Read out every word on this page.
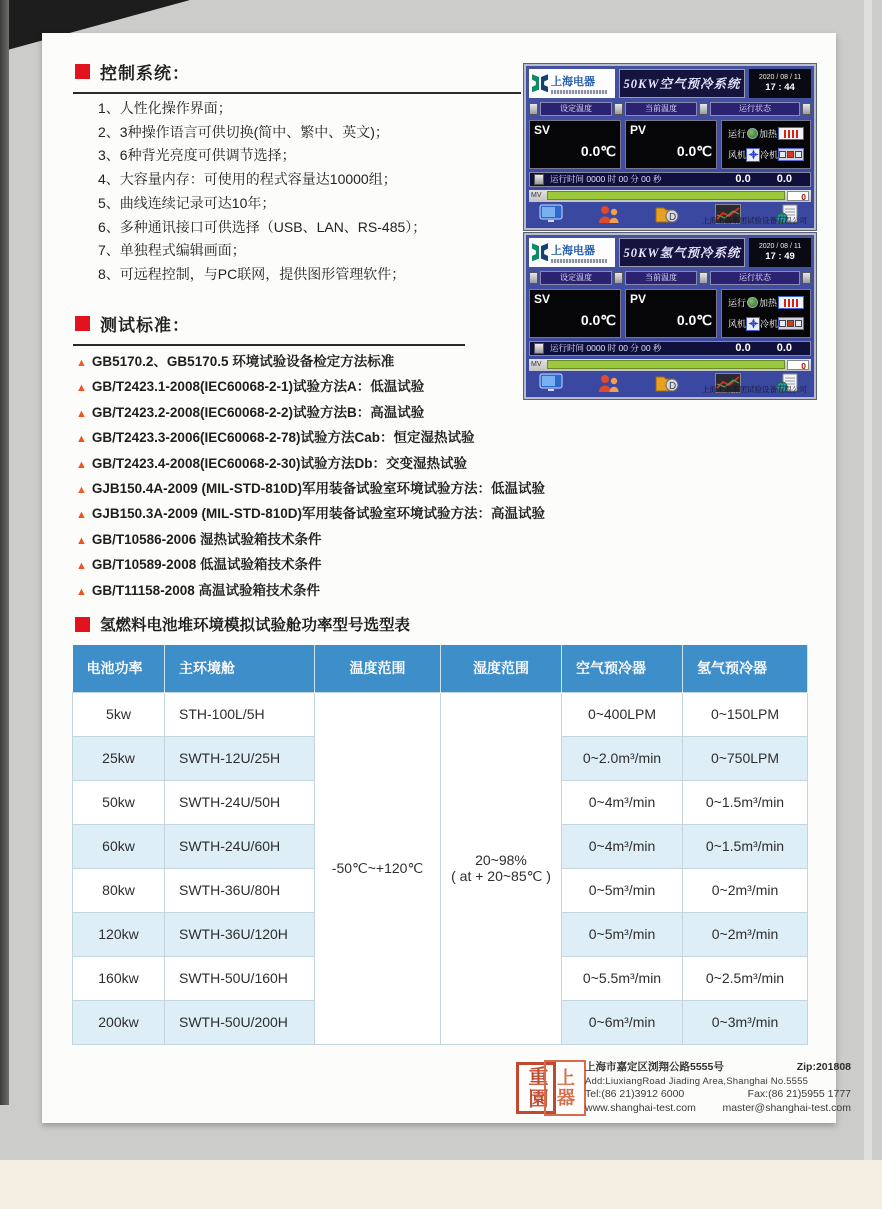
控制系统：
1、人性化操作界面；
2、3种操作语言可供切换(简中、繁中、英文)；
3、6种背光亮度可供调节选择；
4、大容量内存：可使用的程式容量达10000组；
5、曲线连续记录可达10年；
6、多种通讯接口可供选择（USB、LAN、RS-485）；
7、单独程式编辑画面；
8、可远程控制，与PC联网，提供图形管理软件；
上海电器	50KW空气预冷系统	2020 / 08 / 11
17 : 44
设定温度	当前温度	运行状态
SV
0.0℃
PV
0.0℃
运行 加热
风机 冷机
运行时间 0000 时 00 分 00 秒	0.0 0.0
MV	0
D	上海上器集团试验设备有限公司
上海电器	50KW氢气预冷系统	2020 / 08 / 11
17 : 49
设定温度	当前温度	运行状态
SV
0.0℃
PV
0.0℃
运行 加热
风机 冷机
运行时间 0000 时 00 分 00 秒	0.0 0.0
MV	0
D	上海上器集团试验设备有限公司
测试标准：
▲ GB5170.2、GB5170.5 环境试验设备检定方法标准
▲ GB/T2423.1-2008(IEC60068-2-1)试验方法A：低温试验
▲ GB/T2423.2-2008(IEC60068-2-2)试验方法B：高温试验
▲ GB/T2423.3-2006(IEC60068-2-78)试验方法Cab：恒定湿热试验
▲ GB/T2423.4-2008(IEC60068-2-30)试验方法Db：交变湿热试验
▲ GJB150.4A-2009 (MIL-STD-810D)军用装备试验室环境试验方法：低温试验
▲ GJB150.3A-2009 (MIL-STD-810D)军用装备试验室环境试验方法：高温试验
▲ GB/T10586-2006 湿热试验箱技术条件
▲ GB/T10589-2008 低温试验箱技术条件
▲ GB/T11158-2008 高温试验箱技术条件
氢燃料电池堆环境模拟试验舱功率型号选型表
电池功率	主环境舱	温度范围	湿度范围	空气预冷器	氢气预冷器
5kw	STH-100L/5H	-50℃~+120℃	20~98%
( at + 20~85℃ )	0~400LPM	0~150LPM
25kw	SWTH-12U/25H			0~2.0m³/min	0~750LPM
50kw	SWTH-24U/50H			0~4m³/min	0~1.5m³/min
60kw	SWTH-24U/60H			0~4m³/min	0~1.5m³/min
80kw	SWTH-36U/80H			0~5m³/min	0~2m³/min
120kw	SWTH-36U/120H			0~5m³/min	0~2m³/min
160kw	SWTH-50U/160H			0~5.5m³/min	0~2.5m³/min
200kw	SWTH-50U/200H			0~6m³/min	0~3m³/min
重園 上器
上海市嘉定区浏翔公路5555号	Zip:201808
Add:LiuxiangRoad Jiading Area,Shanghai No.5555
Tel:(86 21)3912 6000	Fax:(86 21)5955 1777
www.shanghai-test.com	master@shanghai-test.com
